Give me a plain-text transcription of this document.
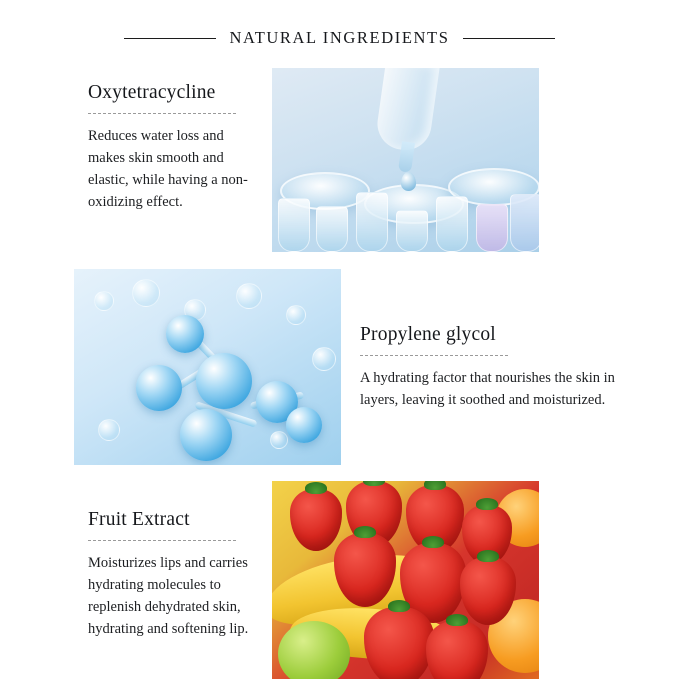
NATURAL INGREDIENTS
Oxytetracycline

Reduces water loss and makes skin smooth and elastic, while having a non-oxidizing effect.

Propylene glycol

A hydrating factor that nourishes the skin in layers, leaving it soothed and moisturized.

Fruit Extract

Moisturizes lips and carries hydrating molecules to replenish dehydrated skin, hydrating and softening lip.
